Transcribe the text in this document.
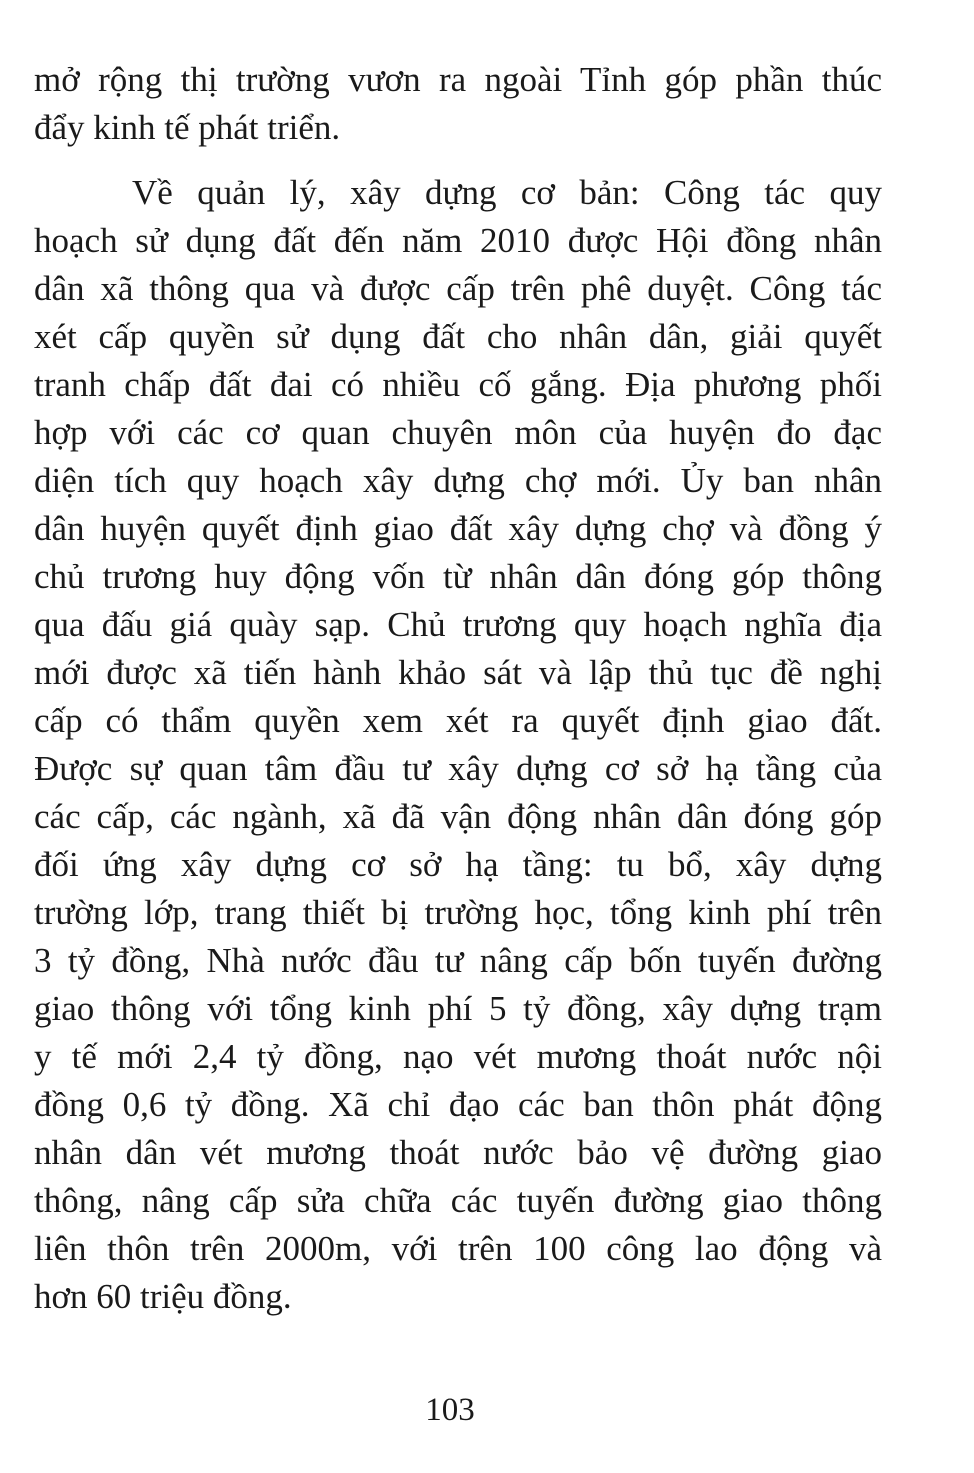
mở rộng thị trường vươn ra ngoài Tỉnh góp phần thúc
đẩy kinh tế phát triển.
Về quản lý, xây dựng cơ bản: Công tác quy
hoạch sử dụng đất đến năm 2010 được Hội đồng nhân
dân xã thông qua và được cấp trên phê duyệt. Công tác
xét cấp quyền sử dụng đất cho nhân dân, giải quyết
tranh chấp đất đai có nhiều cố gắng. Địa phương phối
hợp với các cơ quan chuyên môn của huyện đo đạc
diện tích quy hoạch xây dựng chợ mới. Ủy ban nhân
dân huyện quyết định giao đất xây dựng chợ và đồng ý
chủ trương huy động vốn từ nhân dân đóng góp thông
qua đấu giá quày sạp. Chủ trương quy hoạch nghĩa địa
mới được xã tiến hành khảo sát và lập thủ tục đề nghị
cấp có thẩm quyền xem xét ra quyết định giao đất.
Được sự quan tâm đầu tư xây dựng cơ sở hạ tầng của
các cấp, các ngành, xã đã vận động nhân dân đóng góp
đối ứng xây dựng cơ sở hạ tầng: tu bổ, xây dựng
trường lớp, trang thiết bị trường học, tổng kinh phí trên
3 tỷ đồng, Nhà nước đầu tư nâng cấp bốn tuyến đường
giao thông với tổng kinh phí 5 tỷ đồng, xây dựng trạm
y tế mới 2,4 tỷ đồng, nạo vét mương thoát nước nội
đồng 0,6 tỷ đồng. Xã chỉ đạo các ban thôn phát động
nhân dân vét mương thoát nước bảo vệ đường giao
thông, nâng cấp sửa chữa các tuyến đường giao thông
liên thôn trên 2000m, với trên 100 công lao động và
hơn 60 triệu đồng.
103
